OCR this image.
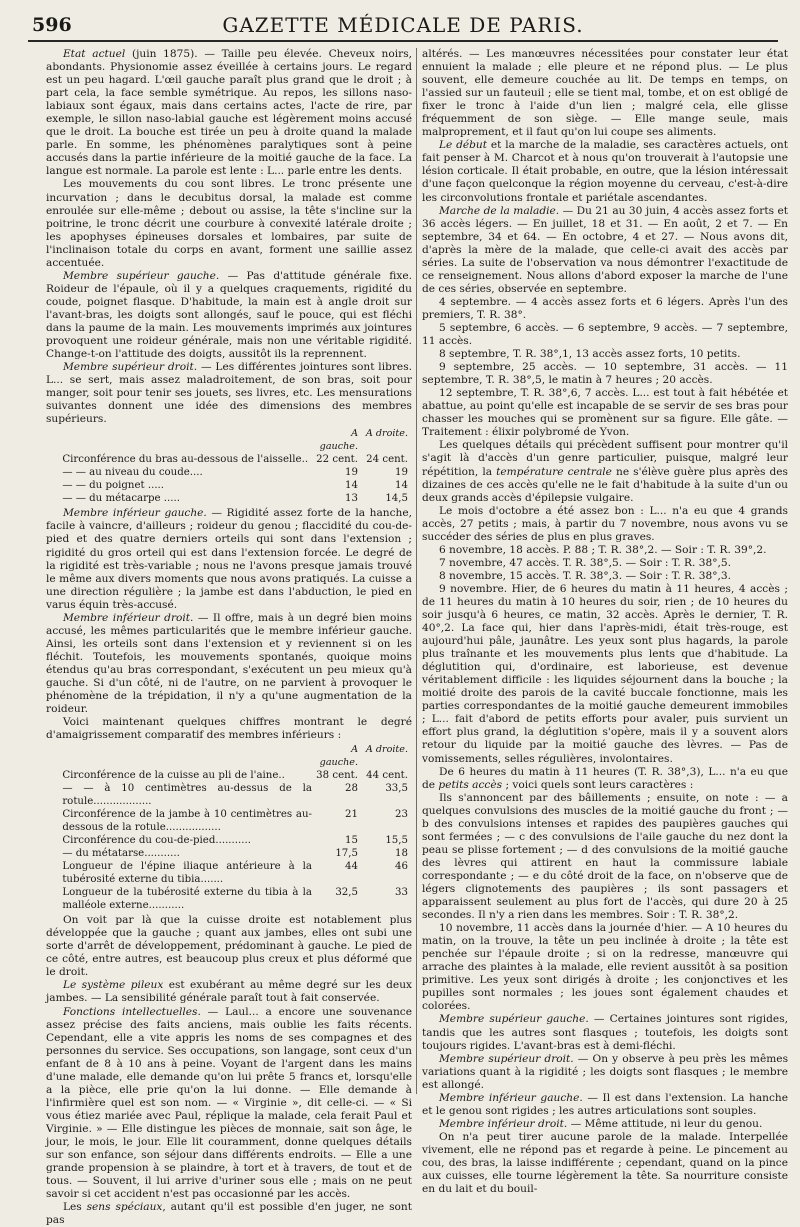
596	GAZETTE MÉDICALE DE PARIS.

Etat actuel (juin 1875). — Taille peu élevée. Cheveux noirs, abondants. Physionomie assez éveillée à certains jours. Le regard est un peu hagard. L'œil gauche paraît plus grand que le droit ; à part cela, la face semble symétrique. Au repos, les sillons naso-labiaux sont égaux, mais dans certains actes, l'acte de rire, par exemple, le sillon naso-labial gauche est légèrement moins accusé que le droit. La bouche est tirée un peu à droite quand la malade parle. En somme, les phénomènes paralytiques sont à peine accusés dans la partie inférieure de la moitié gauche de la face. La langue est normale. La parole est lente : L... parle entre les dents.

Les mouvements du cou sont libres. Le tronc présente une incurvation ; dans le decubitus dorsal, la malade est comme enroulée sur elle-même ; debout ou assise, la tête s'incline sur la poitrine, le tronc décrit une courbure à convexité latérale droite ; les apophyses épineuses dorsales et lombaires, par suite de l'inclinaison totale du corps en avant, forment une saillie assez accentuée.

Membre supérieur gauche. — Pas d'attitude générale fixe. Roideur de l'épaule, où il y a quelques craquements, rigidité du coude, poignet flasque. D'habitude, la main est à angle droit sur l'avant-bras, les doigts sont allongés, sauf le pouce, qui est fléchi dans la paume de la main. Les mouvements imprimés aux jointures provoquent une roideur générale, mais non une véritable rigidité. Change-t-on l'attitude des doigts, aussitôt ils la reprennent.

Membre supérieur droit. — Les différentes jointures sont libres. L... se sert, mais assez maladroitement, de son bras, soit pour manger, soit pour tenir ses jouets, ses livres, etc. Les mensurations suivantes donnent une idée des dimensions des membres supérieurs.

	A gauche.	A droite.
Circonférence du bras au-dessous de l'aisselle..	22 cent.	24 cent.
— — au niveau du coude....	19	19
— — du poignet .....	14	14
— — du métacarpe .....	13	14,5

Membre inférieur gauche. — Rigidité assez forte de la hanche, facile à vaincre, d'ailleurs ; roideur du genou ; flaccidité du cou-de-pied et des quatre derniers orteils qui sont dans l'extension ; rigidité du gros orteil qui est dans l'extension forcée. Le degré de la rigidité est très-variable ; nous ne l'avons presque jamais trouvé le même aux divers moments que nous avons pratiqués. La cuisse a une direction régulière ; la jambe est dans l'abduction, le pied en varus équin très-accusé.

Membre inférieur droit. — Il offre, mais à un degré bien moins accusé, les mêmes particularités que le membre inférieur gauche. Ainsi, les orteils sont dans l'extension et y reviennent si on les fléchit. Toutefois, les mouvements spontanés, quoique moins étendus qu'au bras correspondant, s'exécutent un peu mieux qu'à gauche. Si d'un côté, ni de l'autre, on ne parvient à provoquer le phénomène de la trépidation, il n'y a qu'une augmentation de la roideur.

Voici maintenant quelques chiffres montrant le degré d'amaigrissement comparatif des membres inférieurs :

	A gauche.	A droite.
Circonférence de la cuisse au pli de l'aine..	38 cent.	44 cent.
— — à 10 centimètres au-dessus de la rotule..................	28	33,5
Circonférence de la jambe à 10 centimètres au-dessous de la rotule.................	21	23
Circonférence du cou-de-pied...........	15	15,5
— du métatarse...........	17,5	18
Longueur de l'épine iliaque antérieure à la tubérosité externe du tibia.......	44	46
Longueur de la tubérosité externe du tibia à la malléole externe...........	32,5	33

On voit par là que la cuisse droite est notablement plus développée que la gauche ; quant aux jambes, elles ont subi une sorte d'arrêt de développement, prédominant à gauche. Le pied de ce côté, entre autres, est beaucoup plus creux et plus déformé que le droit.

Le système pileux est exubérant au même degré sur les deux jambes. — La sensibilité générale paraît tout à fait conservée.

Fonctions intellectuelles. — Laul... a encore une souvenance assez précise des faits anciens, mais oublie les faits récents. Cependant, elle a vite appris les noms de ses compagnes et des personnes du service. Ses occupations, son langage, sont ceux d'un enfant de 8 à 10 ans à peine. Voyant de l'argent dans les mains d'une malade, elle demande qu'on lui prête 5 francs et, lorsqu'elle a la pièce, elle prie qu'on la lui donne. — Elle demande à l'infirmière quel est son nom. — « Virginie », dit celle-ci. — « Si vous étiez mariée avec Paul, réplique la malade, cela ferait Paul et Virginie. » — Elle distingue les pièces de monnaie, sait son âge, le jour, le mois, le jour. Elle lit couramment, donne quelques détails sur son enfance, son séjour dans différents endroits. — Elle a une grande propension à se plaindre, à tort et à travers, de tout et de tous. — Souvent, il lui arrive d'uriner sous elle ; mais on ne peut savoir si cet accident n'est pas occasionné par les accès.

Les sens spéciaux, autant qu'il est possible d'en juger, ne sont pas

altérés. — Les manœuvres nécessitées pour constater leur état ennuient la malade ; elle pleure et ne répond plus. — Le plus souvent, elle demeure couchée au lit. De temps en temps, on l'assied sur un fauteuil ; elle se tient mal, tombe, et on est obligé de fixer le tronc à l'aide d'un lien ; malgré cela, elle glisse fréquemment de son siège. — Elle mange seule, mais malproprement, et il faut qu'on lui coupe ses aliments.

Le début et la marche de la maladie, ses caractères actuels, ont fait penser à M. Charcot et à nous qu'on trouverait à l'autopsie une lésion corticale. Il était probable, en outre, que la lésion intéressait d'une façon quelconque la région moyenne du cerveau, c'est-à-dire les circonvolutions frontale et pariétale ascendantes.

Marche de la maladie. — Du 21 au 30 juin, 4 accès assez forts et 36 accès légers. — En juillet, 18 et 31. — En août, 2 et 7. — En septembre, 34 et 64. — En octobre, 4 et 27. — Nous avons dit, d'après la mère de la malade, que celle-ci avait des accès par séries. La suite de l'observation va nous démontrer l'exactitude de ce renseignement. Nous allons d'abord exposer la marche de l'une de ces séries, observée en septembre.

4 septembre. — 4 accès assez forts et 6 légers. Après l'un des premiers, T. R. 38°.

5 septembre, 6 accès. — 6 septembre, 9 accès. — 7 septembre, 11 accès.

8 septembre, T. R. 38°,1, 13 accès assez forts, 10 petits.

9 septembre, 25 accès. — 10 septembre, 31 accès. — 11 septembre, T. R. 38°,5, le matin à 7 heures ; 20 accès.

12 septembre, T. R. 38°,6, 7 accès. L... est tout à fait hébétée et abattue, au point qu'elle est incapable de se servir de ses bras pour chasser les mouches qui se promènent sur sa figure. Elle gâte. — Traitement : élixir polybromé de Yvon.

Les quelques détails qui précèdent suffisent pour montrer qu'il s'agit là d'accès d'un genre particulier, puisque, malgré leur répétition, la température centrale ne s'élève guère plus après des dizaines de ces accès qu'elle ne le fait d'habitude à la suite d'un ou deux grands accès d'épilepsie vulgaire.

Le mois d'octobre a été assez bon : L... n'a eu que 4 grands accès, 27 petits ; mais, à partir du 7 novembre, nous avons vu se succéder des séries de plus en plus graves.

6 novembre, 18 accès. P. 88 ; T. R. 38°,2. — Soir : T. R. 39°,2.

7 novembre, 47 accès. T. R. 38°,5. — Soir : T. R. 38°,5.

8 novembre, 15 accès. T. R. 38°,3. — Soir : T. R. 38°,3.

9 novembre. Hier, de 6 heures du matin à 11 heures, 4 accès ; de 11 heures du matin à 10 heures du soir, rien ; de 10 heures du soir jusqu'à 6 heures, ce matin, 32 accès. Après le dernier, T. R. 40°,2. La face qui, hier dans l'après-midi, était très-rouge, est aujourd'hui pâle, jaunâtre. Les yeux sont plus hagards, la parole plus traînante et les mouvements plus lents que d'habitude. La déglutition qui, d'ordinaire, est laborieuse, est devenue véritablement difficile : les liquides séjournent dans la bouche ; la moitié droite des parois de la cavité buccale fonctionne, mais les parties correspondantes de la moitié gauche demeurent immobiles ; L... fait d'abord de petits efforts pour avaler, puis survient un effort plus grand, la déglutition s'opère, mais il y a souvent alors retour du liquide par la moitié gauche des lèvres. — Pas de vomissements, selles régulières, involontaires.

De 6 heures du matin à 11 heures (T. R. 38°,3), L... n'a eu que de petits accès ; voici quels sont leurs caractères :

Ils s'annoncent par des bâillements ; ensuite, on note : — a quelques convulsions des muscles de la moitié gauche du front ; — b des convulsions intenses et rapides des paupières gauches qui sont fermées ; — c des convulsions de l'aile gauche du nez dont la peau se plisse fortement ; — d des convulsions de la moitié gauche des lèvres qui attirent en haut la commissure labiale correspondante ; — e du côté droit de la face, on n'observe que de légers clignotements des paupières ; ils sont passagers et apparaissent seulement au plus fort de l'accès, qui dure 20 à 25 secondes. Il n'y a rien dans les membres. Soir : T. R. 38°,2.

10 novembre, 11 accès dans la journée d'hier. — A 10 heures du matin, on la trouve, la tête un peu inclinée à droite ; la tête est penchée sur l'épaule droite ; si on la redresse, manœuvre qui arrache des plaintes à la malade, elle revient aussitôt à sa position primitive. Les yeux sont dirigés à droite ; les conjonctives et les pupilles sont normales ; les joues sont également chaudes et colorées.

Membre supérieur gauche. — Certaines jointures sont rigides, tandis que les autres sont flasques ; toutefois, les doigts sont toujours rigides. L'avant-bras est à demi-fléchi.

Membre supérieur droit. — On y observe à peu près les mêmes variations quant à la rigidité ; les doigts sont flasques ; le membre est allongé.

Membre inférieur gauche. — Il est dans l'extension. La hanche et le genou sont rigides ; les autres articulations sont souples.

Membre inférieur droit. — Même attitude, ni leur du genou.

On n'a peut tirer aucune parole de la malade. Interpellée vivement, elle ne répond pas et regarde à peine. Le pincement au cou, des bras, la laisse indifférente ; cependant, quand on la pince aux cuisses, elle tourne légèrement la tête. Sa nourriture consiste en du lait et du bouil-
